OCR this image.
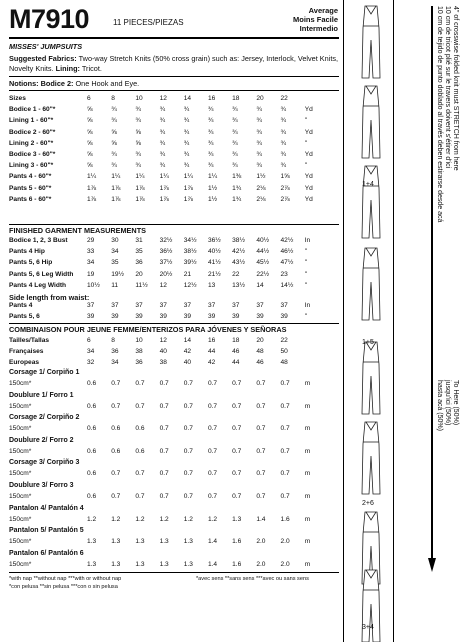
M7910	11 PIECES/PIEZAS
Average
Moins Facile
Intermedio
MISSES' JUMPSUITS
Suggested Fabrics: Two-way Stretch Knits (50% cross grain) such as: Jersey, Interlock, Velvet Knits,
Novelty Knits. Lining: Tricot.
Notions: Bodice 2: One Hook and Eye.
Sizes	6	8	10	12	14	16	18	20	22	
Bodice 1 - 60"*	⅝	¾	¾	¾	¾	¾	¾	¾	¾	Yd
Lining 1 - 60"*	⅝	¾	¾	¾	¾	¾	¾	¾	¾	"
Bodice 2 - 60"*	⅝	⅝	⅝	¾	¾	¾	¾	¾	¾	Yd
Lining 2 - 60"*	⅝	⅝	⅝	¾	¾	¾	¾	¾	¾	"
Bodice 3 - 60"*	⅝	¾	¾	¾	¾	¾	¾	¾	¾	Yd
Lining 3 - 60"*	⅝	¾	¾	¾	¾	¾	¾	¾	¾	"
Pants 4 - 60"*	1¼	1¼	1¼	1¼	1¼	1¼	1⅜	1½	1⅝	Yd
Pants 5 - 60"*	1⅞	1⅞	1⅞	1⅞	1⅞	1½	1¾	2⅛	2⅞	Yd
Pants 6 - 60"*	1⅞	1⅞	1⅞	1⅞	1⅞	1½	1¾	2⅛	2⅞	Yd
FINISHED GARMENT MEASUREMENTS
Bodice 1, 2, 3 Bust	29	30	31	32½	34½	36½	38½	40½	42½	In
Pants 4 Hip	33	34	35	36½	38½	40½	42½	44½	46½	"
Pants 5, 6 Hip	34	35	36	37½	39½	41½	43½	45½	47½	"
Pants 5, 6 Leg Width	19	19½	20	20½	21	21½	22	22½	23	"
Pants 4 Leg Width	10½	11	11½	12	12½	13	13½	14	14½	"
Side length from waist:
Pants 4	37	37	37	37	37	37	37	37	37	In
Pants 5, 6	39	39	39	39	39	39	39	39	39	"
COMBINAISON POUR JEUNE FEMME/ENTERIZOS PARA JÓVENES Y SEÑORAS
Tailles/Tallas	6	8	10	12	14	16	18	20	22
Françaises	34	36	38	40	42	44	46	48	50
Europeas	32	34	36	38	40	42	44	46	48
Corsage 1/ Corpiño 1
150cm*	0.6	0.7	0.7	0.7	0.7	0.7	0.7	0.7	0.7	m
Doublure 1/ Forro 1
150cm*	0.6	0.7	0.7	0.7	0.7	0.7	0.7	0.7	0.7	m
Corsage 2/ Corpiño 2
150cm*	0.6	0.6	0.6	0.7	0.7	0.7	0.7	0.7	0.7	m
Doublure 2/ Forro 2
150cm*	0.6	0.6	0.6	0.7	0.7	0.7	0.7	0.7	0.7	m
Corsage 3/ Corpiño 3
150cm*	0.6	0.7	0.7	0.7	0.7	0.7	0.7	0.7	0.7	m
Doublure 3/ Forro 3
150cm*	0.6	0.7	0.7	0.7	0.7	0.7	0.7	0.7	0.7	m
Pantalon 4/ Pantalón 4
150cm*	1.2	1.2	1.2	1.2	1.2	1.2	1.3	1.4	1.6	m
Pantalon 5/ Pantalón 5
150cm*	1.3	1.3	1.3	1.3	1.3	1.4	1.6	2.0	2.0	m
Pantalon 6/ Pantalón 6
150cm*	1.3	1.3	1.3	1.3	1.3	1.4	1.6	2.0	2.0	m
*with nap **without nap ***with or without nap
*con pelusa **sin pelusa ***con o sin pelusa
*avec sens **sans sens ***avec ou sans sens
1+4
1+5
2+6
3+4
4" of crosswise folded knit must STRETCH from here
10 cm de tricot plié sur le travers doivent s'étirer d'ici
10 cm de tejido de punto doblado al través deben estirarse desde acá
To Here (50%)
jusqu'ici (50%)
hasta acá (50%)
